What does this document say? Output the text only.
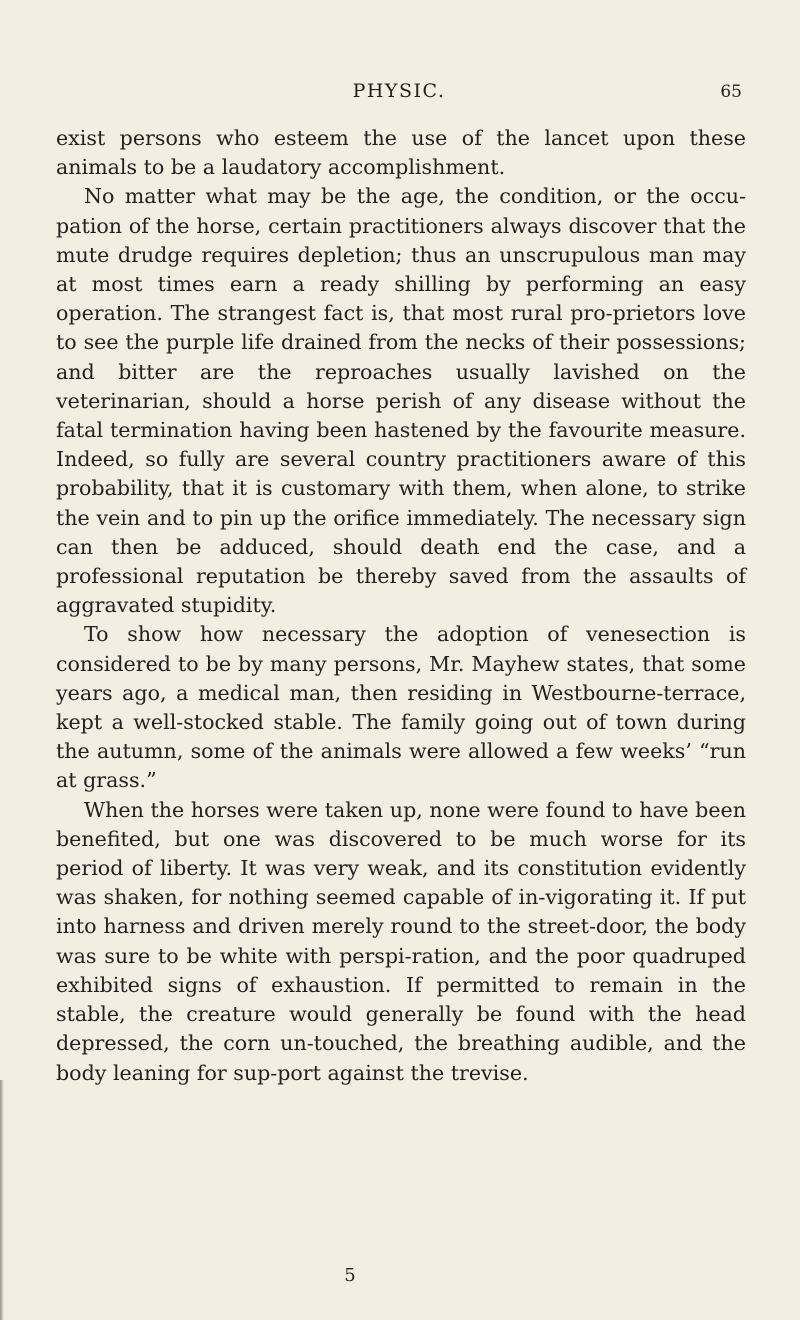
PHYSIC.	65

exist persons who esteem the use of the lancet upon these animals to be a laudatory accomplishment.

No matter what may be the age, the condition, or the occu-pation of the horse, certain practitioners always discover that the mute drudge requires depletion; thus an unscrupulous man may at most times earn a ready shilling by performing an easy operation. The strangest fact is, that most rural pro-prietors love to see the purple life drained from the necks of their possessions; and bitter are the reproaches usually lavished on the veterinarian, should a horse perish of any disease without the fatal termination having been hastened by the favourite measure. Indeed, so fully are several country practitioners aware of this probability, that it is customary with them, when alone, to strike the vein and to pin up the orifice immediately. The necessary sign can then be adduced, should death end the case, and a professional reputation be thereby saved from the assaults of aggravated stupidity.

To show how necessary the adoption of venesection is considered to be by many persons, Mr. Mayhew states, that some years ago, a medical man, then residing in Westbourne-terrace, kept a well-stocked stable. The family going out of town during the autumn, some of the animals were allowed a few weeks’ “run at grass.”

When the horses were taken up, none were found to have been benefited, but one was discovered to be much worse for its period of liberty. It was very weak, and its constitution evidently was shaken, for nothing seemed capable of in-vigorating it. If put into harness and driven merely round to the street-door, the body was sure to be white with perspi-ration, and the poor quadruped exhibited signs of exhaustion. If permitted to remain in the stable, the creature would generally be found with the head depressed, the corn un-touched, the breathing audible, and the body leaning for sup-port against the trevise.

5
